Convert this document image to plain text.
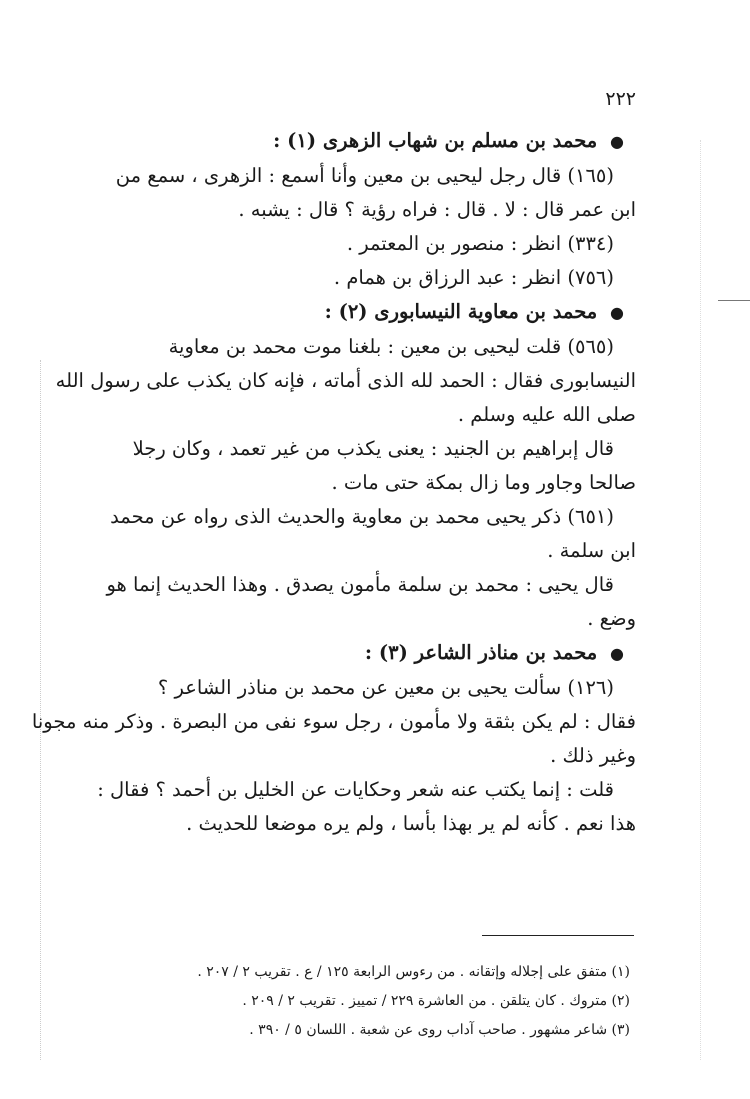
٢٢٢
● محمد بن مسلم بن شهاب الزهرى (١) :
(١٦٥) قال رجل ليحيى بن معين وأنا أسمع : الزهرى ، سمع من
ابن عمر قال : لا . قال : فراه رؤية ؟ قال : يشبه .
(٣٣٤) انظر : منصور بن المعتمر .
(٧٥٦) انظر : عبد الرزاق بن همام .
● محمد بن معاوية النيسابورى (٢) :
(٥٦٥) قلت ليحيى بن معين : بلغنا موت محمد بن معاوية
النيسابورى فقال : الحمد لله الذى أماته ، فإنه كان يكذب على رسول الله
صلى الله عليه وسلم .
قال إبراهيم بن الجنيد : يعنى يكذب من غير تعمد ، وكان رجلا
صالحا وجاور وما زال بمكة حتى مات .
(٦٥١) ذكر يحيى محمد بن معاوية والحديث الذى رواه عن محمد
ابن سلمة .
قال يحيى : محمد بن سلمة مأمون يصدق . وهذا الحديث إنما هو
وضع .
● محمد بن مناذر الشاعر (٣) :
(١٢٦) سألت يحيى بن معين عن محمد بن مناذر الشاعر ؟
فقال : لم يكن بثقة ولا مأمون ، رجل سوء نفى من البصرة . وذكر منه مجونا
وغير ذلك .
قلت : إنما يكتب عنه شعر وحكايات عن الخليل بن أحمد ؟ فقال :
هذا نعم . كأنه لم ير بهذا بأسا ، ولم يره موضعا للحديث .
(١) متفق على إجلاله وإتقانه . من رءوس الرابعة ١٢٥ / ع . تقريب ٢ / ٢٠٧ .
(٢) متروك . كان يتلقن . من العاشرة ٢٢٩ / تمييز . تقريب ٢ / ٢٠٩ .
(٣) شاعر مشهور . صاحب آداب روى عن شعبة . اللسان ٥ / ٣٩٠ .
